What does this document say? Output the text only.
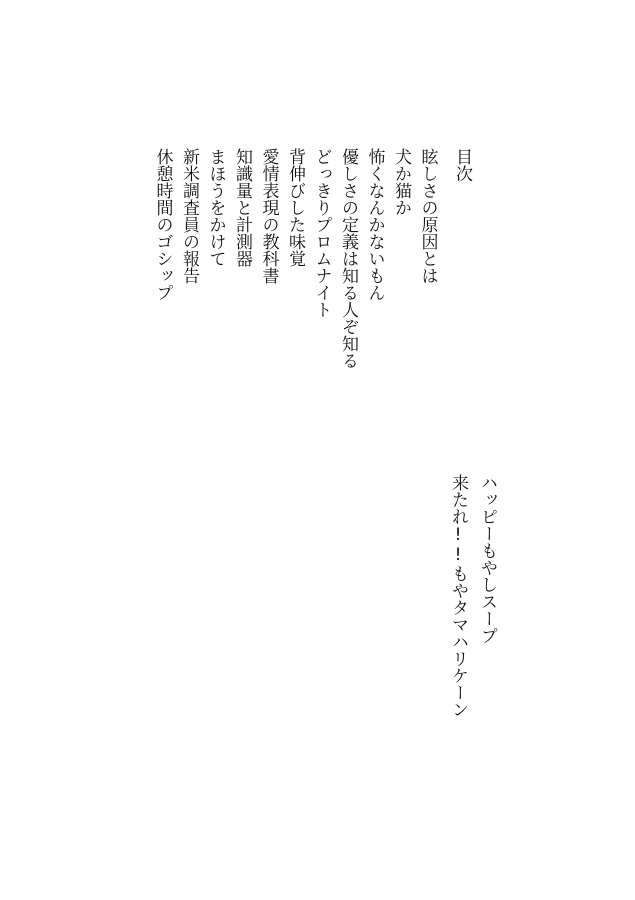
目次
眩しさの原因とは
犬か猫か
怖くなんかないもん
優しさの定義は知る人ぞ知る
どっきりプロムナイト
背伸びした味覚
愛情表現の教科書
知識量と計測器
まほうをかけて
新米調査員の報告
休憩時間のゴシップ
ハッピーもやしスープ
来たれ!!もやタマハリケーン
